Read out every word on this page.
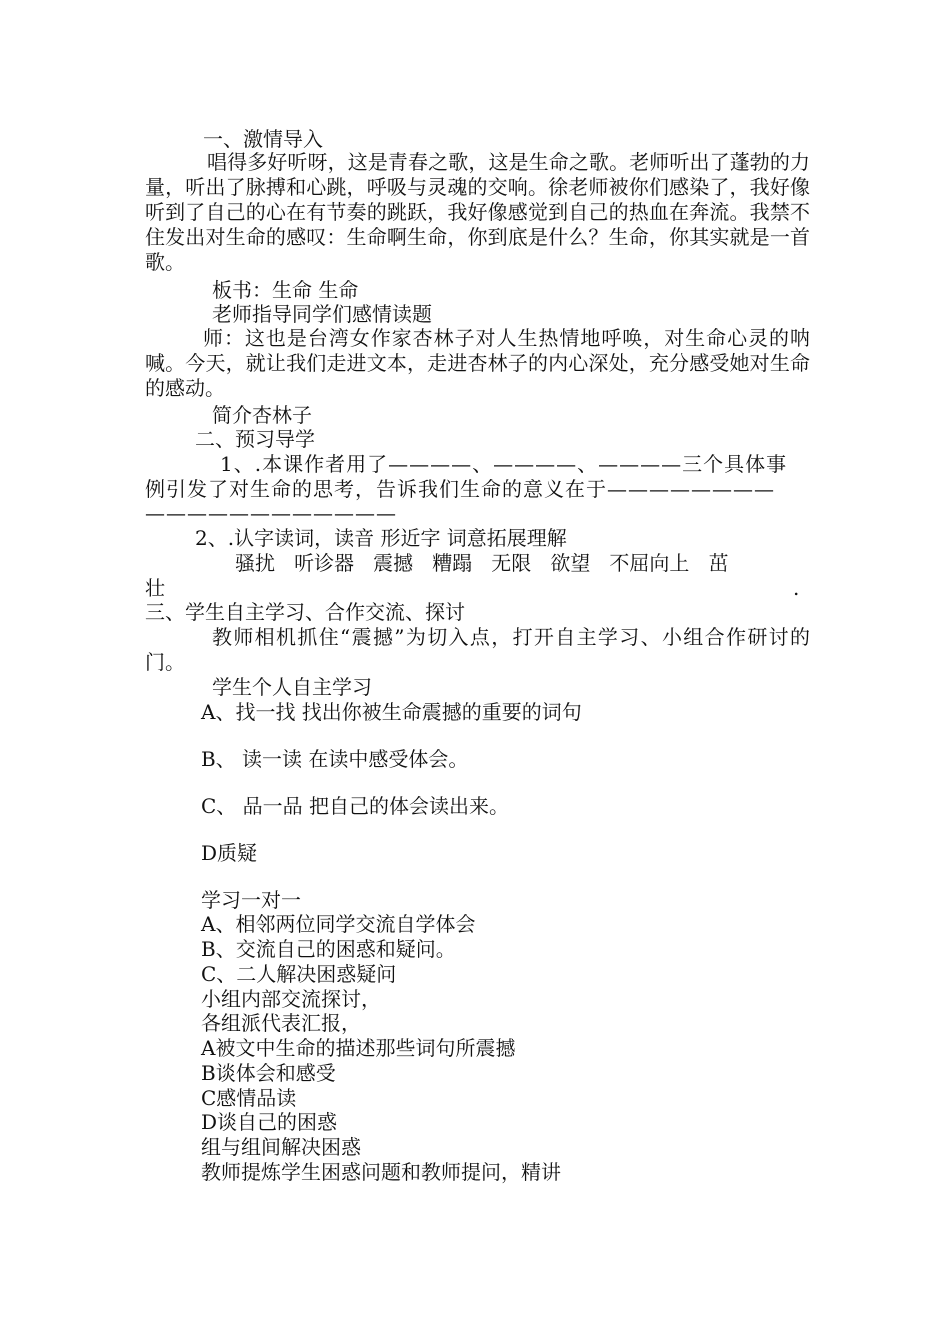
一、激情导入
唱得多好听呀，这是青春之歌，这是生命之歌。老师听出了蓬勃的力量，听出了脉搏和心跳，呼吸与灵魂的交响。徐老师被你们感染了，我好像听到了自己的心在有节奏的跳跃，我好像感觉到自己的热血在奔流。我禁不住发出对生命的感叹：生命啊生命，你到底是什么？生命，你其实就是一首歌。
板书：生命 生命
老师指导同学们感情读题
师：这也是台湾女作家杏林子对人生热情地呼唤，对生命心灵的呐喊。今天，就让我们走进文本，走进杏林子的内心深处，充分感受她对生命的感动。
简介杏林子
二、预习导学
1、.本课作者用了————、————、————三个具体事
例引发了对生命的思考，告诉我们生命的意义在于————————
————————————
2、.认字读词，读音 形近字 词意拓展理解
骚扰   听诊器   震撼   糟蹋   无限   欲望   不屈向上   茁
壮	.
三、学生自主学习、合作交流、探讨
教师相机抓住“震撼”为切入点，打开自主学习、小组合作研讨的门。
学生个人自主学习
A、找一找 找出你被生命震撼的重要的词句
B、 读一读 在读中感受体会。
C、 品一品 把自己的体会读出来。
D质疑
学习一对一
A、相邻两位同学交流自学体会
B、交流自己的困惑和疑问。
C、二人解决困惑疑问
小组内部交流探讨，
各组派代表汇报，
A被文中生命的描述那些词句所震撼
B谈体会和感受
C感情品读
D谈自己的困惑
组与组间解决困惑
教师提炼学生困惑问题和教师提问，精讲
